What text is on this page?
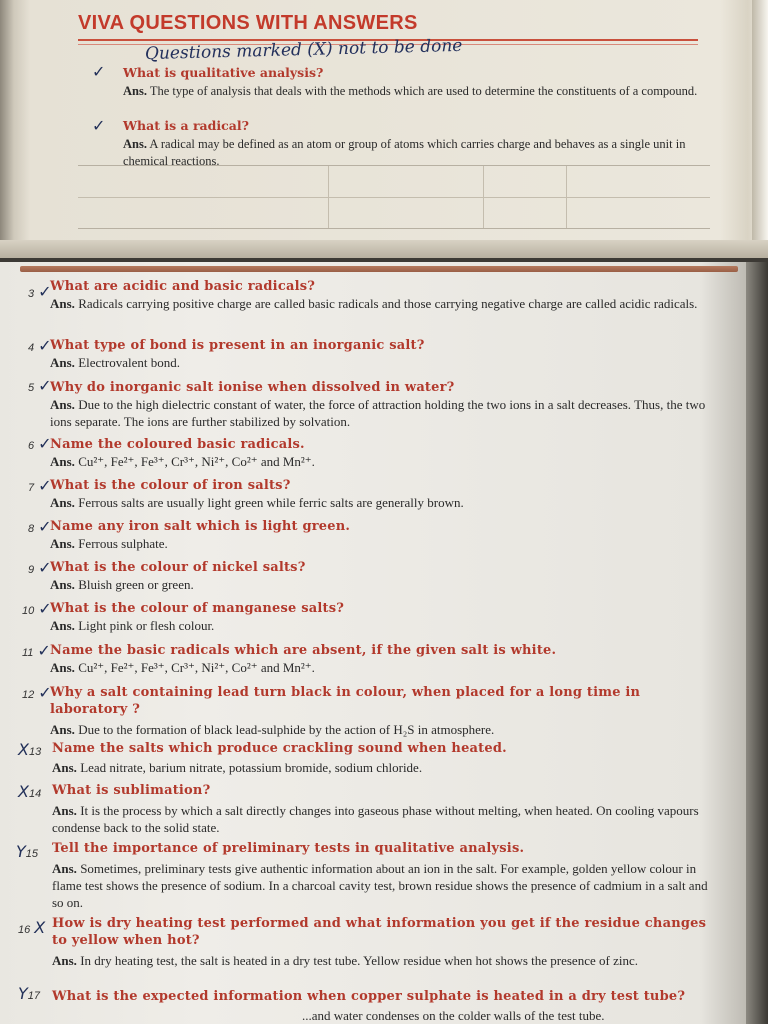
VIVA QUESTIONS WITH ANSWERS
Questions marked (X) not to be done
✓ What is qualitative analysis?
Ans. The type of analysis that deals with the methods which are used to determine the constituents of a compound.
✓ What is a radical?
Ans. A radical may be defined as an atom or group of atoms which carries charge and behaves as a single unit in chemical reactions.
3 ✓
What are acidic and basic radicals?
Ans. Radicals carrying positive charge are called basic radicals and those carrying negative charge are called acidic radicals.
4 ✓
What type of bond is present in an inorganic salt?
Ans. Electrovalent bond.
5 ✓
Why do inorganic salt ionise when dissolved in water?
Ans. Due to the high dielectric constant of water, the force of attraction holding the two ions in a salt decreases. Thus, the two ions separate. The ions are further stabilized by solvation.
6 ✓
Name the coloured basic radicals.
Ans. Cu²⁺, Fe²⁺, Fe³⁺, Cr³⁺, Ni²⁺, Co²⁺ and Mn²⁺.
7 ✓
What is the colour of iron salts?
Ans. Ferrous salts are usually light green while ferric salts are generally brown.
8 ✓
Name any iron salt which is light green.
Ans. Ferrous sulphate.
9 ✓
What is the colour of nickel salts?
Ans. Bluish green or green.
10 ✓
What is the colour of manganese salts?
Ans. Light pink or flesh colour.
11 ✓ Name the basic radicals which are absent, if the given salt is white.
Ans. Cu²⁺, Fe²⁺, Fe³⁺, Cr³⁺, Ni²⁺, Co²⁺ and Mn²⁺.
12 ✓
Why a salt containing lead turn black in colour, when placed for a long time in laboratory ?
Ans. Due to the formation of black lead-sulphide by the action of H₂S in atmosphere.
X13 Name the salts which produce crackling sound when heated.
Ans. Lead nitrate, barium nitrate, potassium bromide, sodium chloride.
X14 What is sublimation?
Ans. It is the process by which a salt directly changes into gaseous phase without melting, when heated. On cooling vapours condense back to the solid state.
Y15	Tell the importance of preliminary tests in qualitative analysis.
Ans. Sometimes, preliminary tests give authentic information about an ion in the salt. For example, golden yellow colour in flame test shows the presence of sodium. In a charcoal cavity test, brown residue shows the presence of cadmium in a salt and so on.
16 X How is dry heating test performed and what information you get if the residue changes to yellow when hot?
Ans. In dry heating test, the salt is heated in a dry test tube. Yellow residue when hot shows the presence of zinc.
Y17 What is the expected information when copper sulphate is heated in a dry test tube?
...and water condenses on the colder walls of the test tube.
